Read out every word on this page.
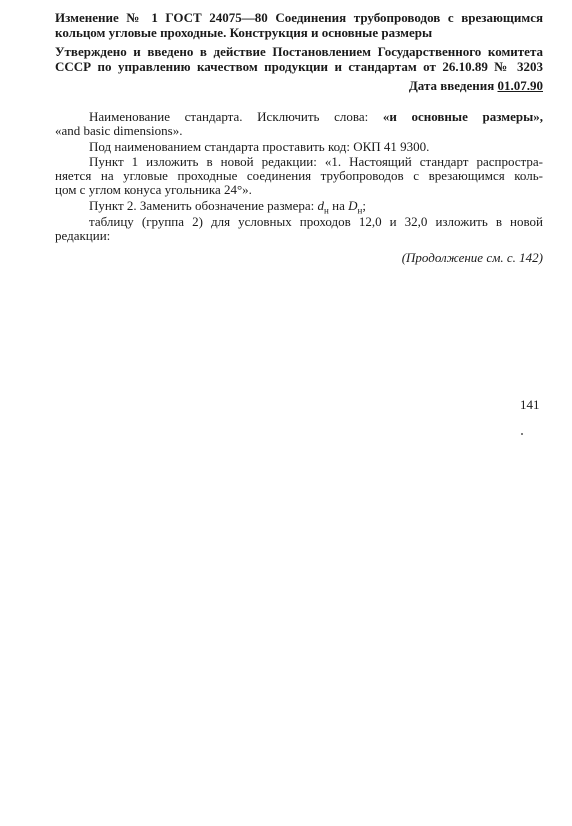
Изменение № 1 ГОСТ 24075—80 Соединения трубопроводов с врезающимся
кольцом угловые проходные. Конструкция и основные размеры
Утверждено и введено в действие Постановлением Государственного комитета
СССР по управлению качеством продукции и стандартам от 26.10.89 № 3203
Дата введения 01.07.90
Наименование стандарта. Исключить слова: «и основные размеры»,
«and basic dimensions».
Под наименованием стандарта проставить код: ОКП 41 9300.
Пункт 1 изложить в новой редакции: «1. Настоящий стандарт распростра-
няется на угловые проходные соединения трубопроводов с врезающимся коль-
цом с углом конуса угольника 24°».
Пункт 2. Заменить обозначение размера: $d_н$ на $D_н$;
таблицу (группа 2) для условных проходов 12,0 и 32,0 изложить в новой
редакции:
(Продолжение см. с. 142)
141
